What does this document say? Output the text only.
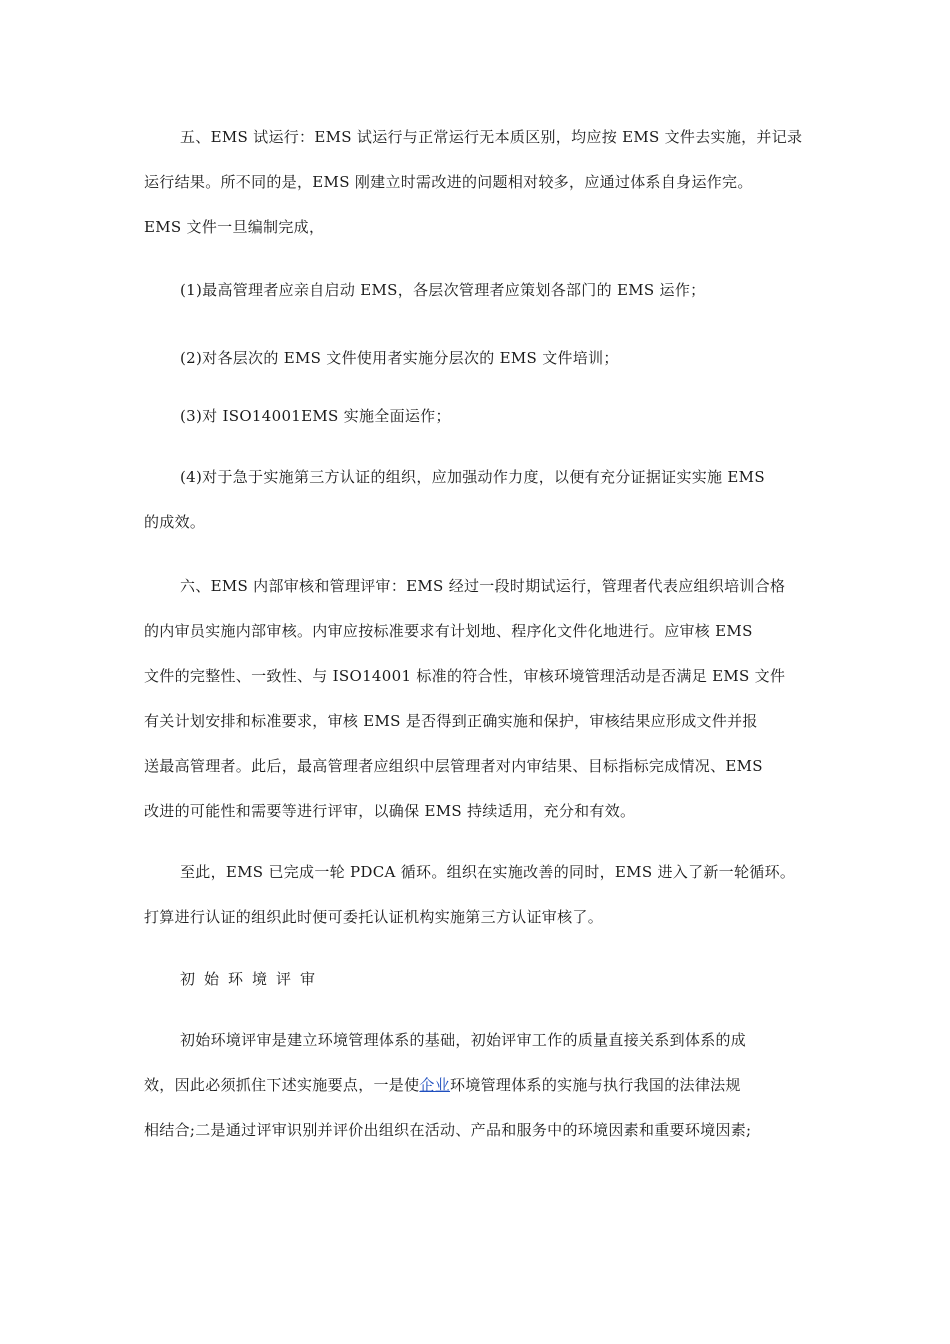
五、EMS 试运行：EMS 试运行与正常运行无本质区别，均应按 EMS 文件去实施，并记录
运行结果。所不同的是，EMS 刚建立时需改进的问题相对较多，应通过体系自身运作完。
EMS 文件一旦编制完成，

(1)最高管理者应亲自启动 EMS，各层次管理者应策划各部门的 EMS 运作；

(2)对各层次的 EMS 文件使用者实施分层次的 EMS 文件培训；

(3)对 ISO14001EMS 实施全面运作；

(4)对于急于实施第三方认证的组织，应加强动作力度，以便有充分证据证实实施 EMS
的成效。

六、EMS 内部审核和管理评审：EMS 经过一段时期试运行，管理者代表应组织培训合格
的内审员实施内部审核。内审应按标准要求有计划地、程序化文件化地进行。应审核 EMS
文件的完整性、一致性、与 ISO14001 标准的符合性，审核环境管理活动是否满足 EMS 文件
有关计划安排和标准要求，审核 EMS 是否得到正确实施和保护，审核结果应形成文件并报
送最高管理者。此后，最高管理者应组织中层管理者对内审结果、目标指标完成情况、EMS
改进的可能性和需要等进行评审，以确保 EMS 持续适用，充分和有效。

至此，EMS 已完成一轮 PDCA 循环。组织在实施改善的同时，EMS 进入了新一轮循环。
打算进行认证的组织此时便可委托认证机构实施第三方认证审核了。

初始环境评审

初始环境评审是建立环境管理体系的基础，初始评审工作的质量直接关系到体系的成
效，因此必须抓住下述实施要点，一是使企业环境管理体系的实施与执行我国的法律法规
相结合;二是通过评审识别并评价出组织在活动、产品和服务中的环境因素和重要环境因素;
